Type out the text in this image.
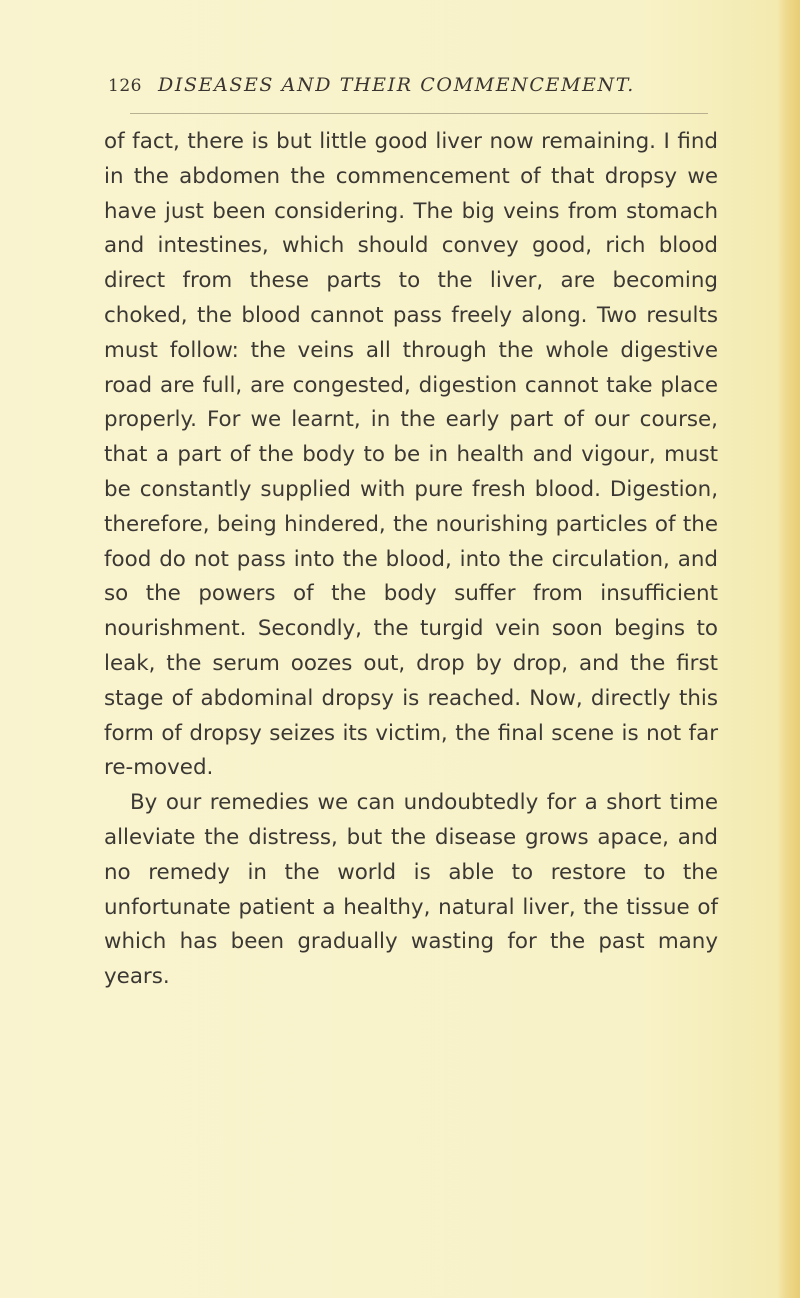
126 DISEASES AND THEIR COMMENCEMENT.

of fact, there is but little good liver now remaining. I find in the abdomen the commencement of that dropsy we have just been considering. The big veins from stomach and intestines, which should convey good, rich blood direct from these parts to the liver, are becoming choked, the blood cannot pass freely along. Two results must follow: the veins all through the whole digestive road are full, are congested, digestion cannot take place properly. For we learnt, in the early part of our course, that a part of the body to be in health and vigour, must be constantly supplied with pure fresh blood. Digestion, therefore, being hindered, the nourishing particles of the food do not pass into the blood, into the circulation, and so the powers of the body suffer from insufficient nourishment. Secondly, the turgid vein soon begins to leak, the serum oozes out, drop by drop, and the first stage of abdominal dropsy is reached. Now, directly this form of dropsy seizes its victim, the final scene is not far re-moved.

By our remedies we can undoubtedly for a short time alleviate the distress, but the disease grows apace, and no remedy in the world is able to restore to the unfortunate patient a healthy, natural liver, the tissue of which has been gradually wasting for the past many years.
